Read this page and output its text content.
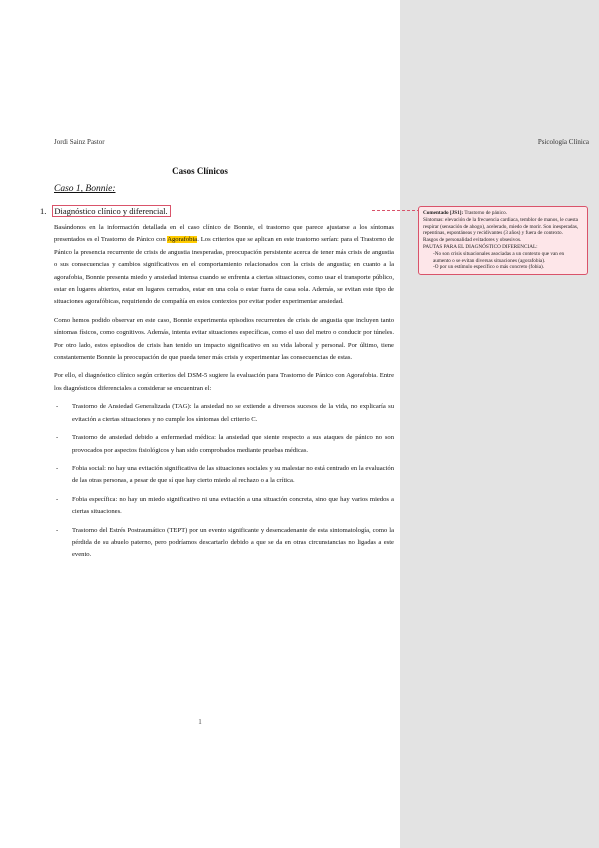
Jordi Sainz Pastor	Psicología Clínica
Casos Clínicos
Caso 1, Bonnie:
1. Diagnóstico clínico y diferencial.

Basándonos en la información detallada en el caso clínico de Bonnie, el trastorno que parece ajustarse a los síntomas presentados es el Trastorno de Pánico con Agorafobia. Los criterios que se aplican en este trastorno serían: para el Trastorno de Pánico la presencia recurrente de crisis de angustia inesperadas, preocupación persistente acerca de tener más crisis de angustia o sus consecuencias y cambios significativos en el comportamiento relacionados con la crisis de angustia; en cuanto a la agorafobia, Bonnie presenta miedo y ansiedad intensa cuando se enfrenta a ciertas situaciones, como usar el transporte público, estar en lugares abiertos, estar en lugares cerrados, estar en una cola o estar fuera de casa sola. Además, se evitan este tipo de situaciones agorafóbicas, requiriendo de compañía en estos contextos por evitar poder experimentar ansiedad.

Como hemos podido observar en este caso, Bonnie experimenta episodios recurrentes de crisis de angustia que incluyen tanto síntomas físicos, como cognitivos. Además, intenta evitar situaciones específicas, como el uso del metro o conducir por túneles. Por otro lado, estos episodios de crisis han tenido un impacto significativo en su vida laboral y personal. Por último, tiene constantemente Bonnie la preocupación de que pueda tener más crisis y experimentar las consecuencias de estas.

Por ello, el diagnóstico clínico según criterios del DSM-5 sugiere la evaluación para Trastorno de Pánico con Agorafobia. Entre los diagnósticos diferenciales a considerar se encuentran el:

- Trastorno de Ansiedad Generalizada (TAG): la ansiedad no se extiende a diversos sucesos de la vida, no explicaría su evitación a ciertas situaciones y no cumple los síntomas del criterio C.
- Trastorno de ansiedad debido a enfermedad médica: la ansiedad que siente respecto a sus ataques de pánico no son provocados por aspectos fisiológicos y han sido comprobados mediante pruebas médicas.
- Fobia social: no hay una evitación significativa de las situaciones sociales y su malestar no está centrado en la evaluación de las otras personas, a pesar de que sí que hay cierto miedo al rechazo o a la crítica.
- Fobia específica: no hay un miedo significativo ni una evitación a una situación concreta, sino que hay varios miedos a ciertas situaciones.
- Trastorno del Estrés Postraumático (TEPT) por un evento significante y desencadenante de esta sintomatología, como la pérdida de su abuelo paterno, pero podríamos descartarlo debido a que se da en otras circunstancias no ligadas a este evento.
1
Comentado [JS1]: Trastorno de pánico.
Síntomas: elevación de la frecuencia cardiaca, temblor de manos, le cuesta respirar (sensación de ahogo), acelerado, miedo de morir. Son inesperadas, repentinas, espontáneas y recidivantes (3 años) y fuera de contexto.
Rasgos de personalidad evitadores y obsesivos.
PAUTAS PARA EL DIAGNÓSTICO DIFERENCIAL:
-No son crisis situacionales asociadas a un contexto que van en aumento o se evitan diversas situaciones (agorafobia).
-O por un estímulo específico o más concreto (fobia).
